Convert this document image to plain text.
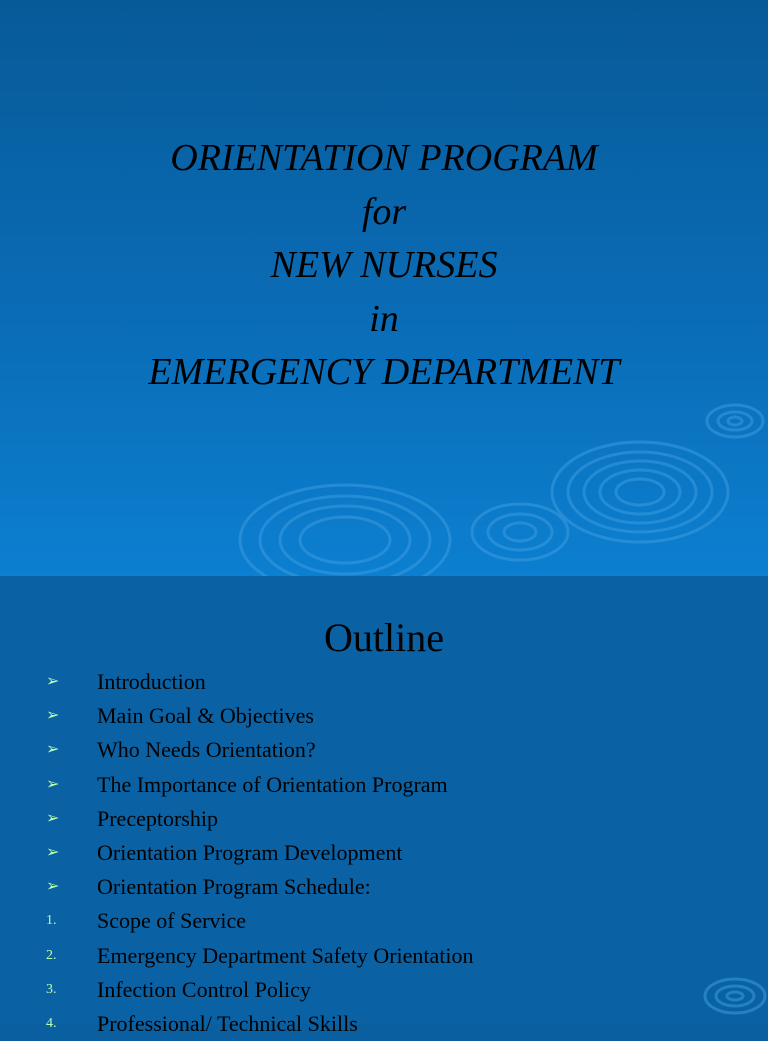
ORIENTATION PROGRAM
for
NEW NURSES
in
EMERGENCY DEPARTMENT
Outline
➢ Introduction
➢ Main Goal & Objectives
➢ Who Needs Orientation?
➢ The Importance of Orientation Program
➢ Preceptorship
➢ Orientation Program Development
➢ Orientation Program Schedule:
1. Scope of Service
2. Emergency Department Safety Orientation
3. Infection Control Policy
4. Professional/ Technical Skills
